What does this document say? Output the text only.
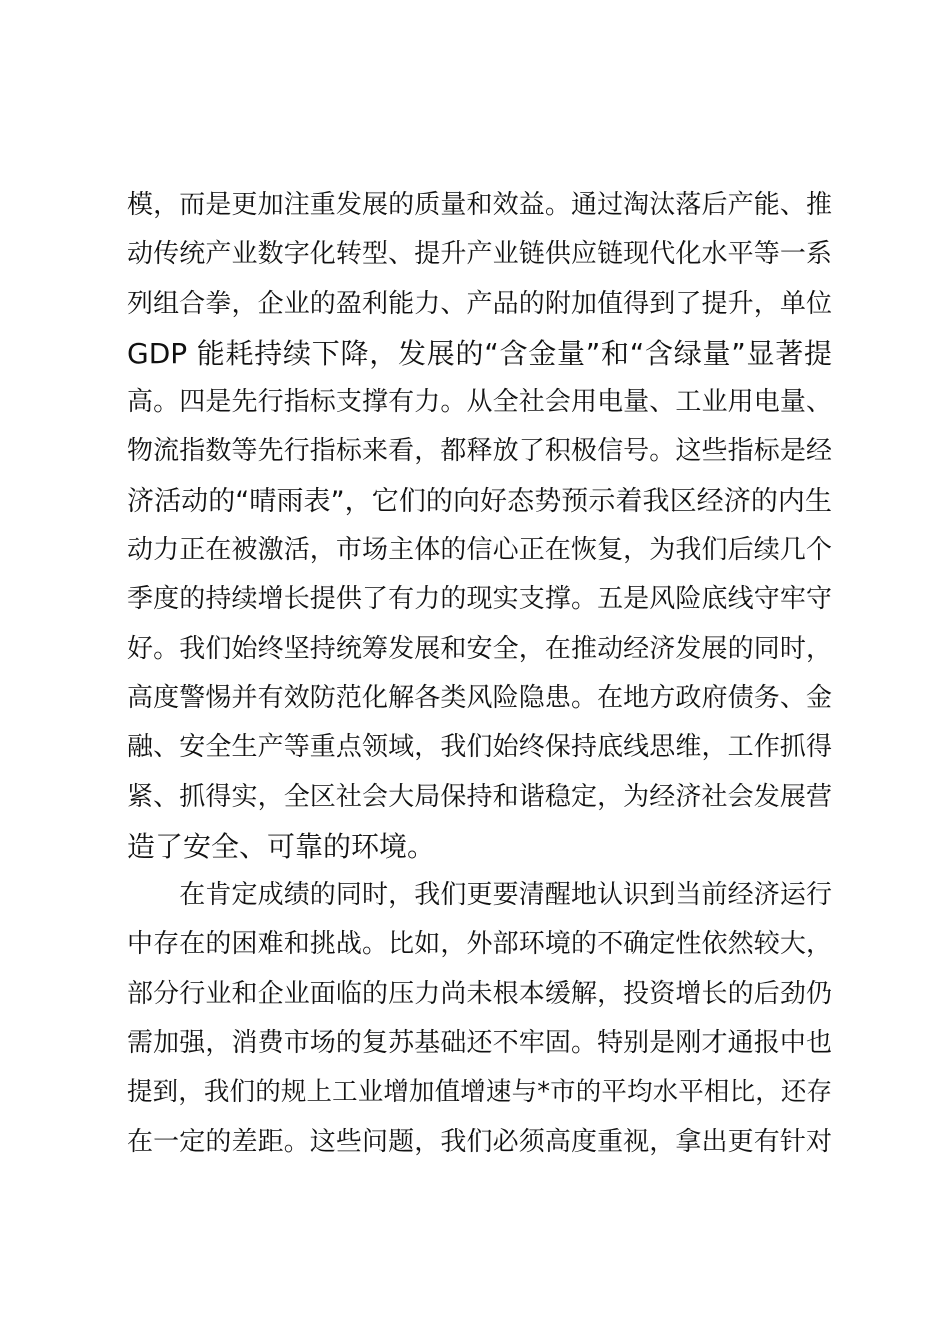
模，而是更加注重发展的质量和效益。通过淘汰落后产能、推
动传统产业数字化转型、提升产业链供应链现代化水平等一系
列组合拳，企业的盈利能力、产品的附加值得到了提升，单位
GDP 能耗持续下降，发展的“含金量”和“含绿量”显著提
高。四是先行指标支撑有力。从全社会用电量、工业用电量、
物流指数等先行指标来看，都释放了积极信号。这些指标是经
济活动的“晴雨表”，它们的向好态势预示着我区经济的内生
动力正在被激活，市场主体的信心正在恢复，为我们后续几个
季度的持续增长提供了有力的现实支撑。五是风险底线守牢守
好。我们始终坚持统筹发展和安全，在推动经济发展的同时，
高度警惕并有效防范化解各类风险隐患。在地方政府债务、金
融、安全生产等重点领域，我们始终保持底线思维，工作抓得
紧、抓得实，全区社会大局保持和谐稳定，为经济社会发展营
造了安全、可靠的环境。
　　在肯定成绩的同时，我们更要清醒地认识到当前经济运行
中存在的困难和挑战。比如，外部环境的不确定性依然较大，
部分行业和企业面临的压力尚未根本缓解，投资增长的后劲仍
需加强，消费市场的复苏基础还不牢固。特别是刚才通报中也
提到，我们的规上工业增加值增速与*市的平均水平相比，还存
在一定的差距。这些问题，我们必须高度重视，拿出更有针对
